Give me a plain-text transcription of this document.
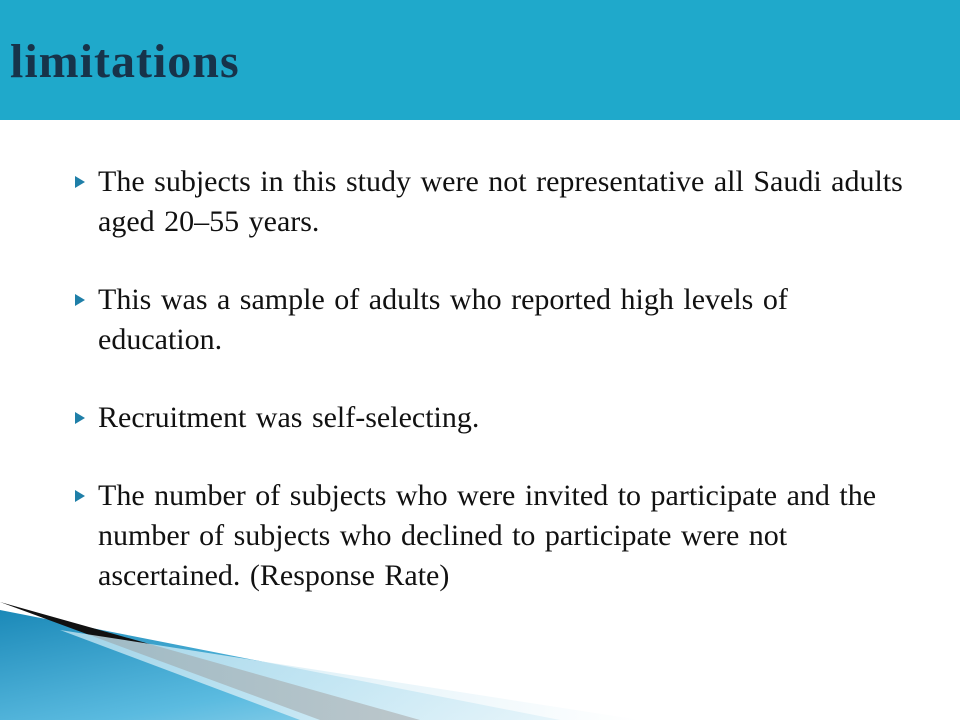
limitations
The subjects in this study were not representative all Saudi adults aged 20–55 years.
This was a sample of adults who reported high levels of education.
Recruitment was self-selecting.
The number of subjects who were invited to participate and the number of subjects who declined to participate were not ascertained. (Response Rate)
